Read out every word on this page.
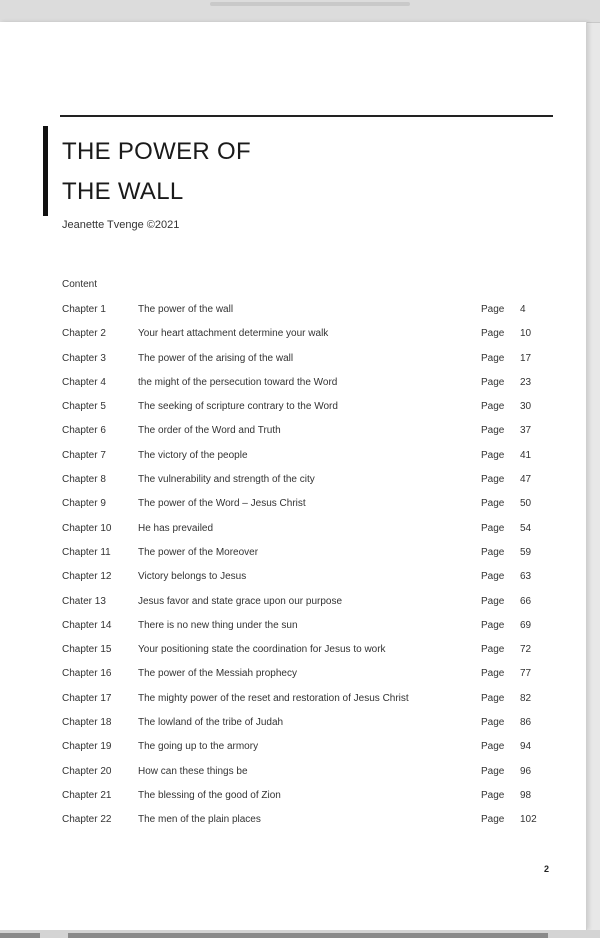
THE POWER OF
THE WALL
Jeanette Tvenge ©2021
Content
Chapter 1	The power of the wall	Page 4
Chapter 2	Your heart attachment determine your walk	Page 10
Chapter 3	The power of the arising of the wall	Page 17
Chapter 4	the might of the persecution toward the Word	Page 23
Chapter 5	The seeking of scripture contrary to the Word	Page 30
Chapter 6	The order of the Word and Truth	Page 37
Chapter 7	The victory of the people	Page 41
Chapter 8	The vulnerability and strength of the city	Page 47
Chapter 9	The power of the Word – Jesus Christ	Page 50
Chapter 10	He has prevailed	Page 54
Chapter 11	The power of the Moreover	Page 59
Chapter 12	Victory belongs to Jesus	Page 63
Chater 13	Jesus favor and state grace upon our purpose	Page 66
Chapter 14	There is no new thing under the sun	Page 69
Chapter 15	Your positioning state the coordination for Jesus to work	Page 72
Chapter 16	The power of the Messiah prophecy	Page 77
Chapter 17	The mighty power of the reset and restoration of Jesus Christ	Page 82
Chapter 18	The lowland of the tribe of Judah	Page 86
Chapter 19	The going up to the armory	Page 94
Chapter 20	How can these things be	Page 96
Chapter 21	The blessing of the good of Zion	Page 98
Chapter 22	The men of the plain places	Page 102
2
